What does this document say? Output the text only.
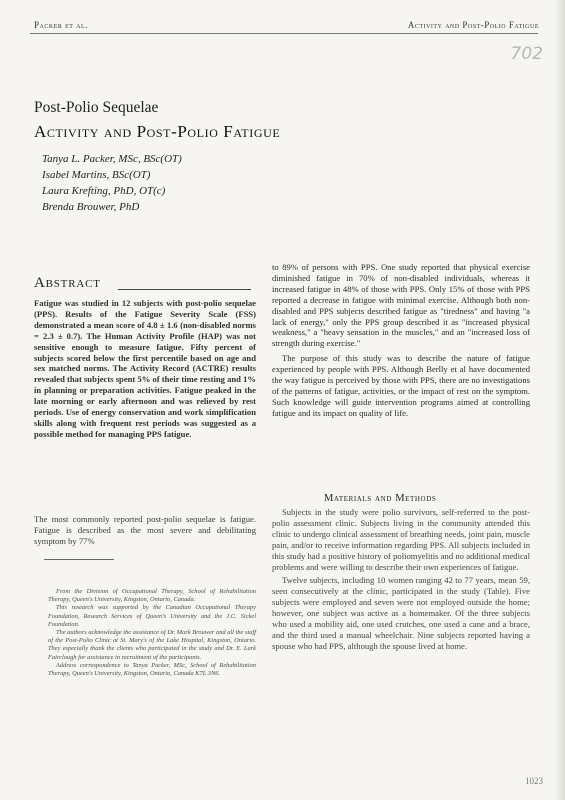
Packer et al.	Activity and Post-Polio Fatigue
702
Post-Polio Sequelae
Activity and Post-Polio Fatigue
Tanya L. Packer, MSc, BSc(OT)
Isabel Martins, BSc(OT)
Laura Krefting, PhD, OT(c)
Brenda Brouwer, PhD
Abstract
Fatigue was studied in 12 subjects with post-polio sequelae (PPS). Results of the Fatigue Severity Scale (FSS) demonstrated a mean score of 4.8 ± 1.6 (non-disabled norms = 2.3 ± 0.7). The Human Activity Profile (HAP) was not sensitive enough to measure fatigue. Fifty percent of subjects scored below the first percentile based on age and sex matched norms. The Activity Record (ACTRE) results revealed that subjects spent 5% of their time resting and 1% in planning or preparation activities. Fatigue peaked in the late morning or early afternoon and was relieved by rest periods. Use of energy conservation and work simplification skills along with frequent rest periods was suggested as a possible method for managing PPS fatigue.
The most commonly reported post-polio sequelae is fatigue. Fatigue is described as the most severe and debilitating symptom by 77%

From the Division of Occupational Therapy, School of Rehabilitation Therapy, Queen's University, Kingston, Ontario, Canada.

This research was supported by the Canadian Occupational Therapy Foundation, Research Services of Queen's University and the J.C. Sickel Foundation.

The authors acknowledge the assistance of Dr. Mark Brouwer and all the staff of the Post-Polio Clinic at St. Mary's of the Lake Hospital, Kingston, Ontario. They especially thank the clients who participated in the study and Dr. E. Lark Fairclough for assistance in recruitment of the participants.

Address correspondence to Tanya Packer, MSc, School of Rehabilitation Therapy, Queen's University, Kingston, Ontario, Canada K7L 3N6.

to 89% of persons with PPS. One study reported that physical exercise diminished fatigue in 70% of non-disabled individuals, whereas it increased fatigue in 48% of those with PPS. Only 15% of those with PPS reported a decrease in fatigue with minimal exercise. Although both non-disabled and PPS subjects described fatigue as "tiredness" and having "a lack of energy," only the PPS group described it as "increased physical weakness," a "heavy sensation in the muscles," and an "increased loss of strength during exercise."

The purpose of this study was to describe the nature of fatigue experienced by people with PPS. Although Berlly et al have documented the way fatigue is perceived by those with PPS, there are no investigations of the patterns of fatigue, activities, or the impact of rest on the symptom. Such knowledge will guide intervention programs aimed at controlling fatigue and its impact on quality of life.

Materials and Methods

Subjects in the study were polio survivors, self-referred to the post-polio assessment clinic. Subjects living in the community attended this clinic to undergo clinical assessment of breathing needs, joint pain, muscle pain, and/or to receive information regarding PPS. All subjects included in this study had a positive history of poliomyelitis and no additional medical problems and were willing to describe their own experiences of fatigue.

Twelve subjects, including 10 women ranging 42 to 77 years, mean 59, seen consecutively at the clinic, participated in the study (Table). Five subjects were employed and seven were not employed outside the home; however, one subject was active as a homemaker. Of the three subjects who used a mobility aid, one used crutches, one used a cane and a brace, and the third used a manual wheelchair. Nine subjects reported having a spouse who had PPS, although the spouse lived at home.

1023
